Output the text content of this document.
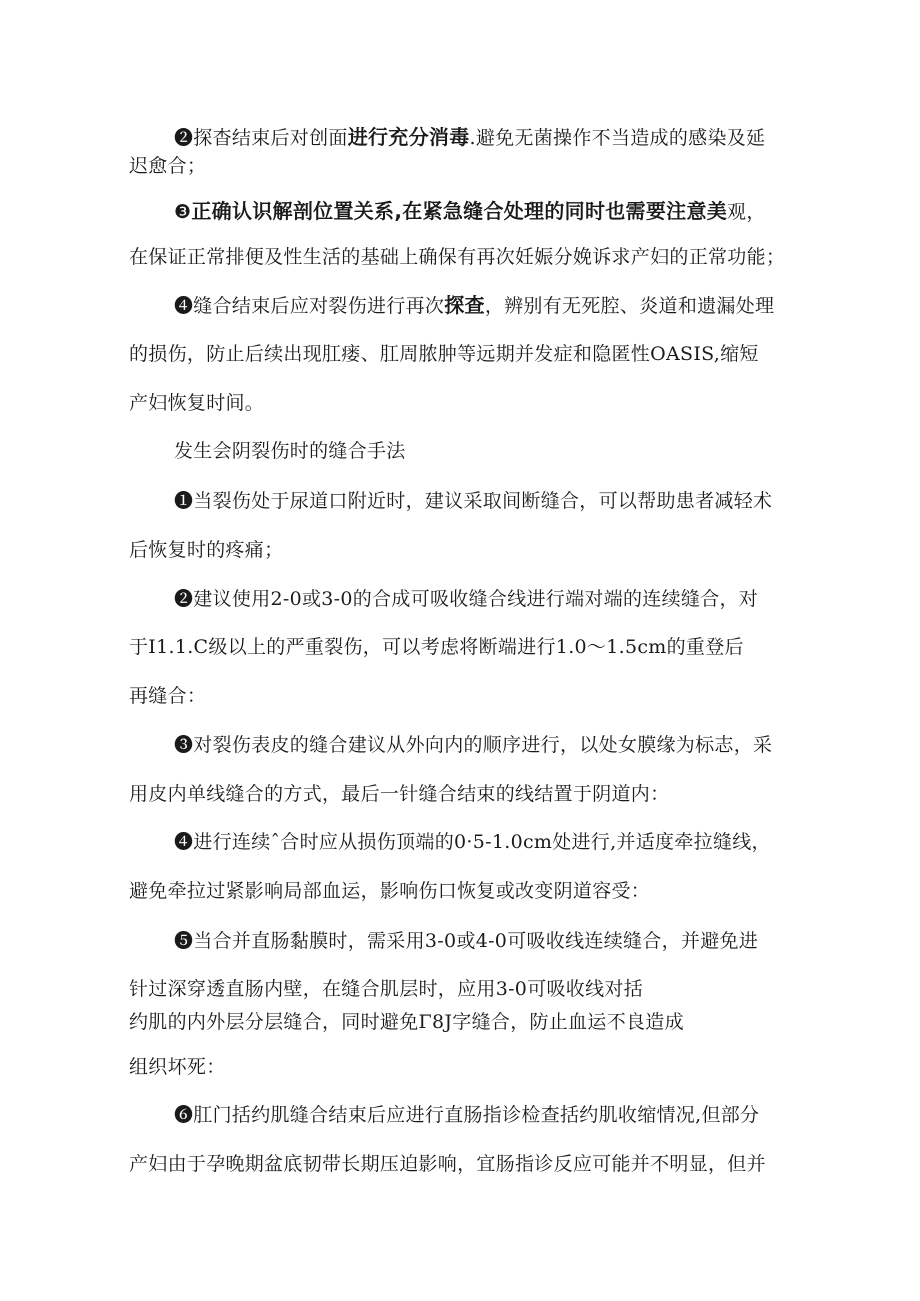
❷探杳结束后对创面进行充分消毒.避免无菌操作不当造成的感染及延
迟愈合；
❸正确认识解剖位置关系,在紧急缝合处理的同时也需要注意美观，
在保证正常排便及性生活的基础上确保有再次妊娠分娩诉求产妇的正常功能；
❹缝合结束后应对裂伤进行再次探查，辨别有无死腔、炎道和遗漏处理
的损伤，防止后续出现肛瘘、肛周脓肿等远期并发症和隐匿性OASIS,缩短
产妇恢复时间。
发生会阴裂伤时的缝合手法
❶当裂伤处于尿道口附近时，建议采取间断缝合，可以帮助患者减轻术
后恢复时的疼痛；
❷建议使用2-0或3-0的合成可吸收缝合线进行端对端的连续缝合，对
于I1.1.C级以上的严重裂伤，可以考虑将断端进行1.0～1.5cm的重登后
再缝合：
❸对裂伤表皮的缝合建议从外向内的顺序进行，以处女膜缘为标志，采
用皮内单线缝合的方式，最后一针缝合结束的线结置于阴道内：
❹进行连续ˆ合时应从损伤顶端的0·5-1.0cm处进行,并适度牵拉缝线，
避免牵拉过紧影响局部血运，影响伤口恢复或改变阴道容受：
❺当合并直肠黏膜时，需采用3-0或4-0可吸收线连续缝合，并避免进
针过深穿透直肠内壁，在缝合肌层时，应用3-0可吸收线对括
约肌的内外层分层缝合，同时避免Γ8J字缝合，防止血运不良造成
组织坏死：
❻肛门括约肌缝合结束后应进行直肠指诊检查括约肌收缩情况,但部分
产妇由于孕晚期盆底韧带长期压迫影响，宜肠指诊反应可能并不明显，但并
